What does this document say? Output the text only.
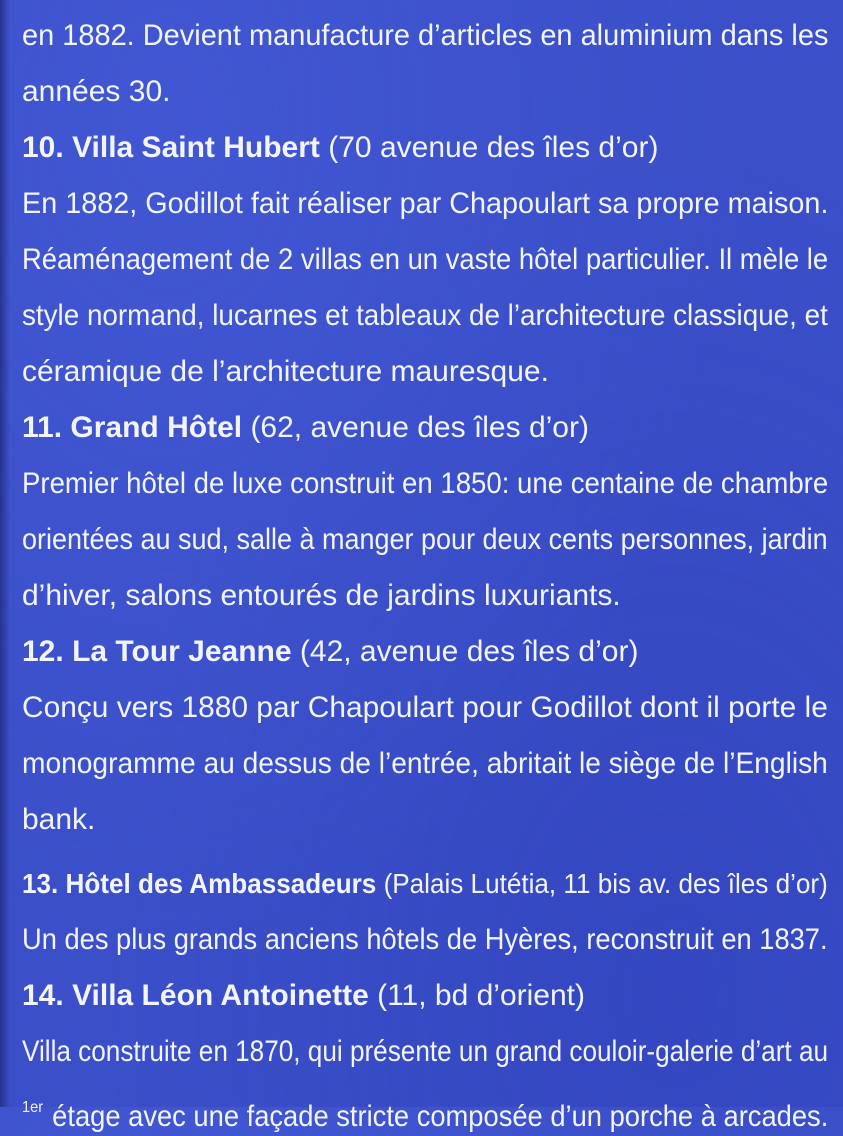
en 1882. Devient manufacture d’articles en aluminium dans les
années 30.
10. Villa Saint Hubert (70 avenue des îles d’or)
En 1882, Godillot fait réaliser par Chapoulart sa propre maison.
Réaménagement de 2 villas en un vaste hôtel particulier. Il mèle le
style normand, lucarnes et tableaux de l’architecture classique, et
céramique de l’architecture mauresque.
11. Grand Hôtel (62, avenue des îles d’or)
Premier hôtel de luxe construit en 1850: une centaine de chambre
orientées au sud, salle à manger pour deux cents personnes, jardin
d’hiver, salons entourés de jardins luxuriants.
12. La Tour Jeanne (42, avenue des îles d’or)
Conçu vers 1880 par Chapoulart pour Godillot dont il porte le
monogramme au dessus de l’entrée, abritait le siège de l’English
bank.
13. Hôtel des Ambassadeurs (Palais Lutétia, 11 bis av. des îles d’or)
Un des plus grands anciens hôtels de Hyères, reconstruit en 1837.
14. Villa Léon Antoinette (11, bd d’orient)
Villa construite en 1870, qui présente un grand couloir-galerie d’art au
$^{1er}$ étage avec une façade stricte composée d’un porche à arcades.
